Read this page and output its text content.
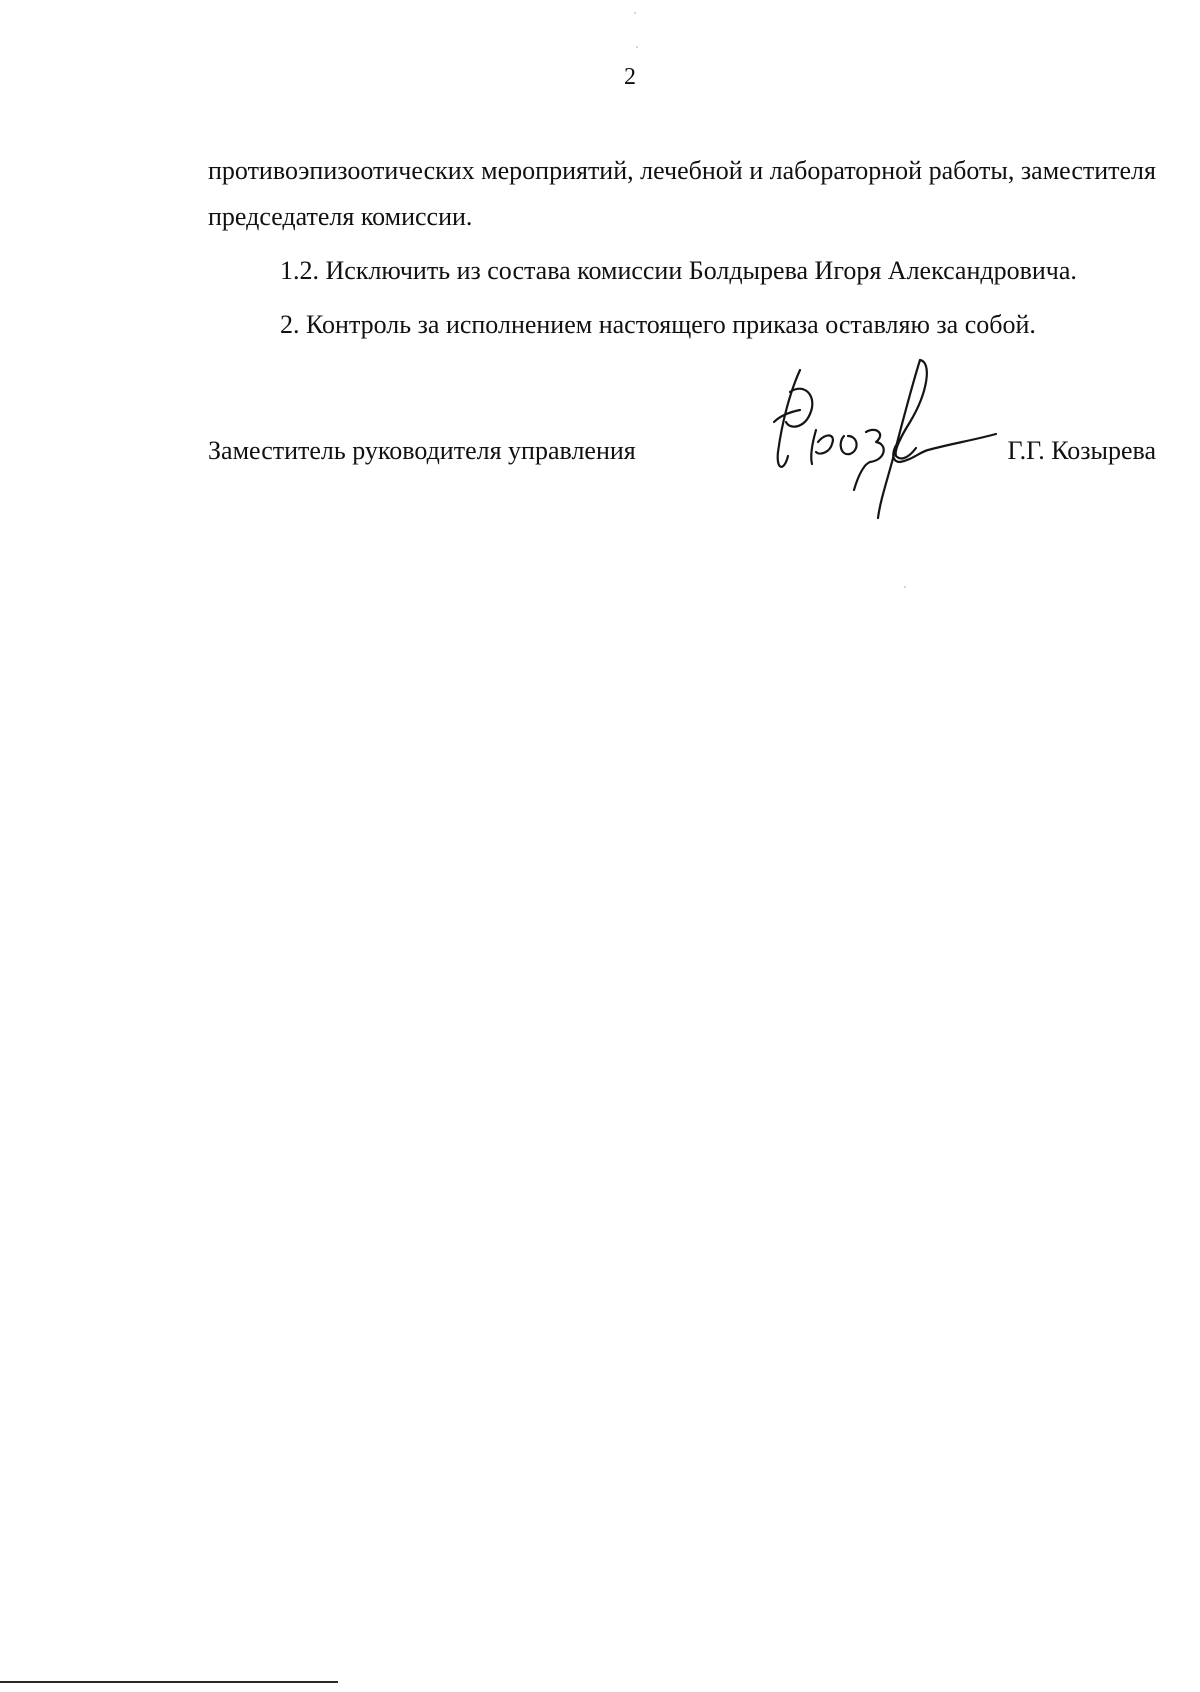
2

противоэпизоотических мероприятий, лечебной и лабораторной работы, заместителя председателя комиссии.

1.2. Исключить из состава комиссии Болдырева Игоря Александровича.

2. Контроль за исполнением настоящего приказа оставляю за собой.

Заместитель руководителя управления	Г.Г. Козырева
